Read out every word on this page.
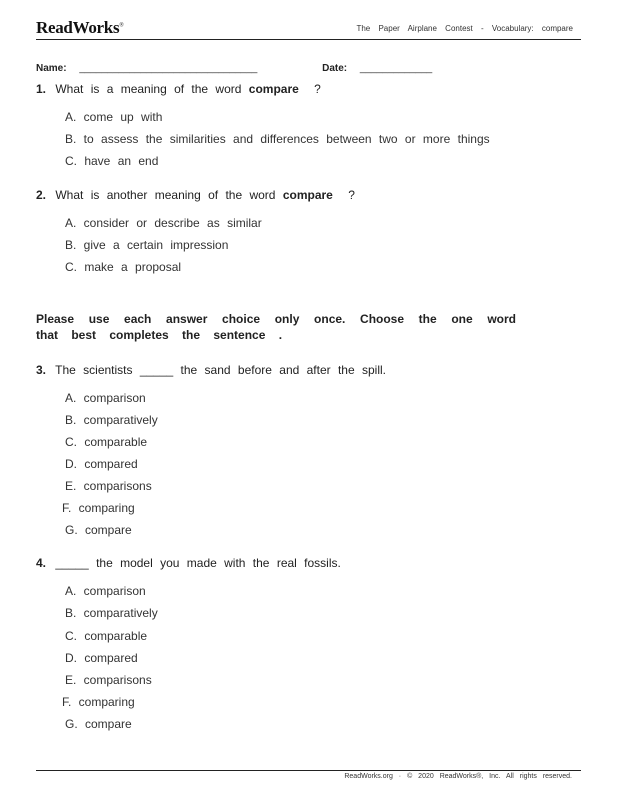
ReadWorks®	The Paper Airplane Contest - Vocabulary: compare
Name: ________________________________	Date: _____________
1. What is a meaning of the word compare ?
A. come up with
B. to assess the similarities and differences between two or more things
C. have an end
2. What is another meaning of the word compare ?
A. consider or describe as similar
B. give a certain impression
C. make a proposal
Please use each answer choice only once. Choose the one word that best completes the sentence .
3. The scientists _____ the sand before and after the spill.
A. comparison
B. comparatively
C. comparable
D. compared
E. comparisons
F. comparing
G. compare
4. _____ the model you made with the real fossils.
A. comparison
B. comparatively
C. comparable
D. compared
E. comparisons
F. comparing
G. compare
ReadWorks.org · © 2020 ReadWorks®, Inc. All rights reserved.
